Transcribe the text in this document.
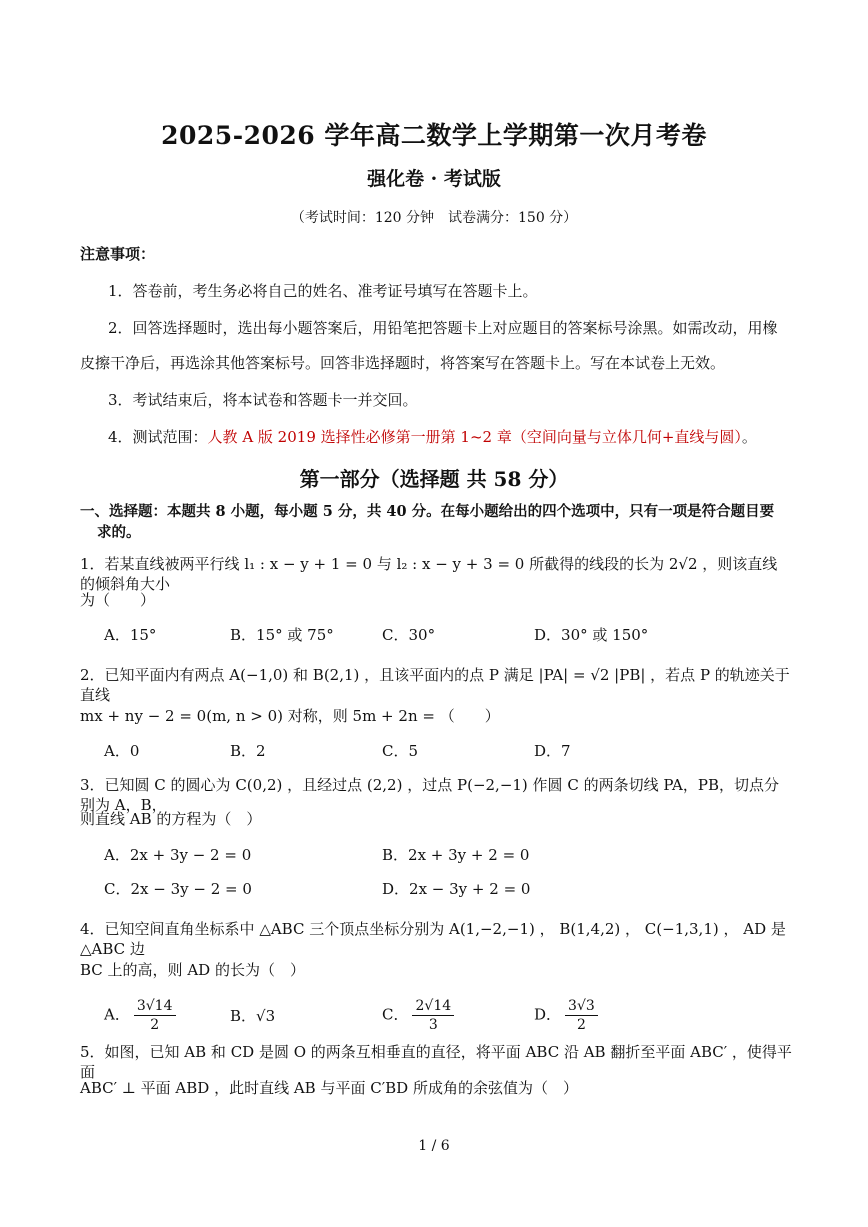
2025-2026 学年高二数学上学期第一次月考卷
强化卷 · 考试版
（考试时间：120 分钟　试卷满分：150 分）
注意事项：
1．答卷前，考生务必将自己的姓名、准考证号填写在答题卡上。
2．回答选择题时，选出每小题答案后，用铅笔把答题卡上对应题目的答案标号涂黑。如需改动，用橡
皮擦干净后，再选涂其他答案标号。回答非选择题时，将答案写在答题卡上。写在本试卷上无效。
3．考试结束后，将本试卷和答题卡一并交回。
4．测试范围：人教 A 版 2019 选择性必修第一册第 1~2 章（空间向量与立体几何+直线与圆）。
第一部分（选择题 共 58 分）
一、选择题：本题共 8 小题，每小题 5 分，共 40 分。在每小题给出的四个选项中，只有一项是符合题目要
求的。
1．若某直线被两平行线 l₁ : x − y + 1 = 0 与 l₂ : x − y + 3 = 0 所截得的线段的长为 2√2 ，则该直线的倾斜角大小
为（　　）
A．15°	B．15° 或 75°	C．30°	D．30° 或 150°
2．已知平面内有两点 A(−1,0) 和 B(2,1) ，且该平面内的点 P 满足 |PA| = √2 |PB| ，若点 P 的轨迹关于直线
mx + ny − 2 = 0(m, n > 0) 对称，则 5m + 2n = （　　）
A．0	B．2	C．5	D．7
3．已知圆 C 的圆心为 C(0,2) ，且经过点 (2,2) ，过点 P(−2,−1) 作圆 C 的两条切线 PA，PB，切点分别为 A，B，
则直线 AB 的方程为（　）
A．2x + 3y − 2 = 0	B．2x + 3y + 2 = 0
C．2x − 3y − 2 = 0	D．2x − 3y + 2 = 0
4．已知空间直角坐标系中 △ABC 三个顶点坐标分别为 A(1,−2,−1) ， B(1,4,2) ， C(−1,3,1) ， AD 是 △ABC 边
BC 上的高，则 AD 的长为（　）
A． $\frac{3√14}{2}$	B．√3	C． $\frac{2√14}{3}$	D． $\frac{3√3}{2}$
5．如图，已知 AB 和 CD 是圆 O 的两条互相垂直的直径，将平面 ABC 沿 AB 翻折至平面 ABC′ ，使得平面
ABC′ ⊥ 平面 ABD ，此时直线 AB 与平面 C′BD 所成角的余弦值为（　）
1 / 6
